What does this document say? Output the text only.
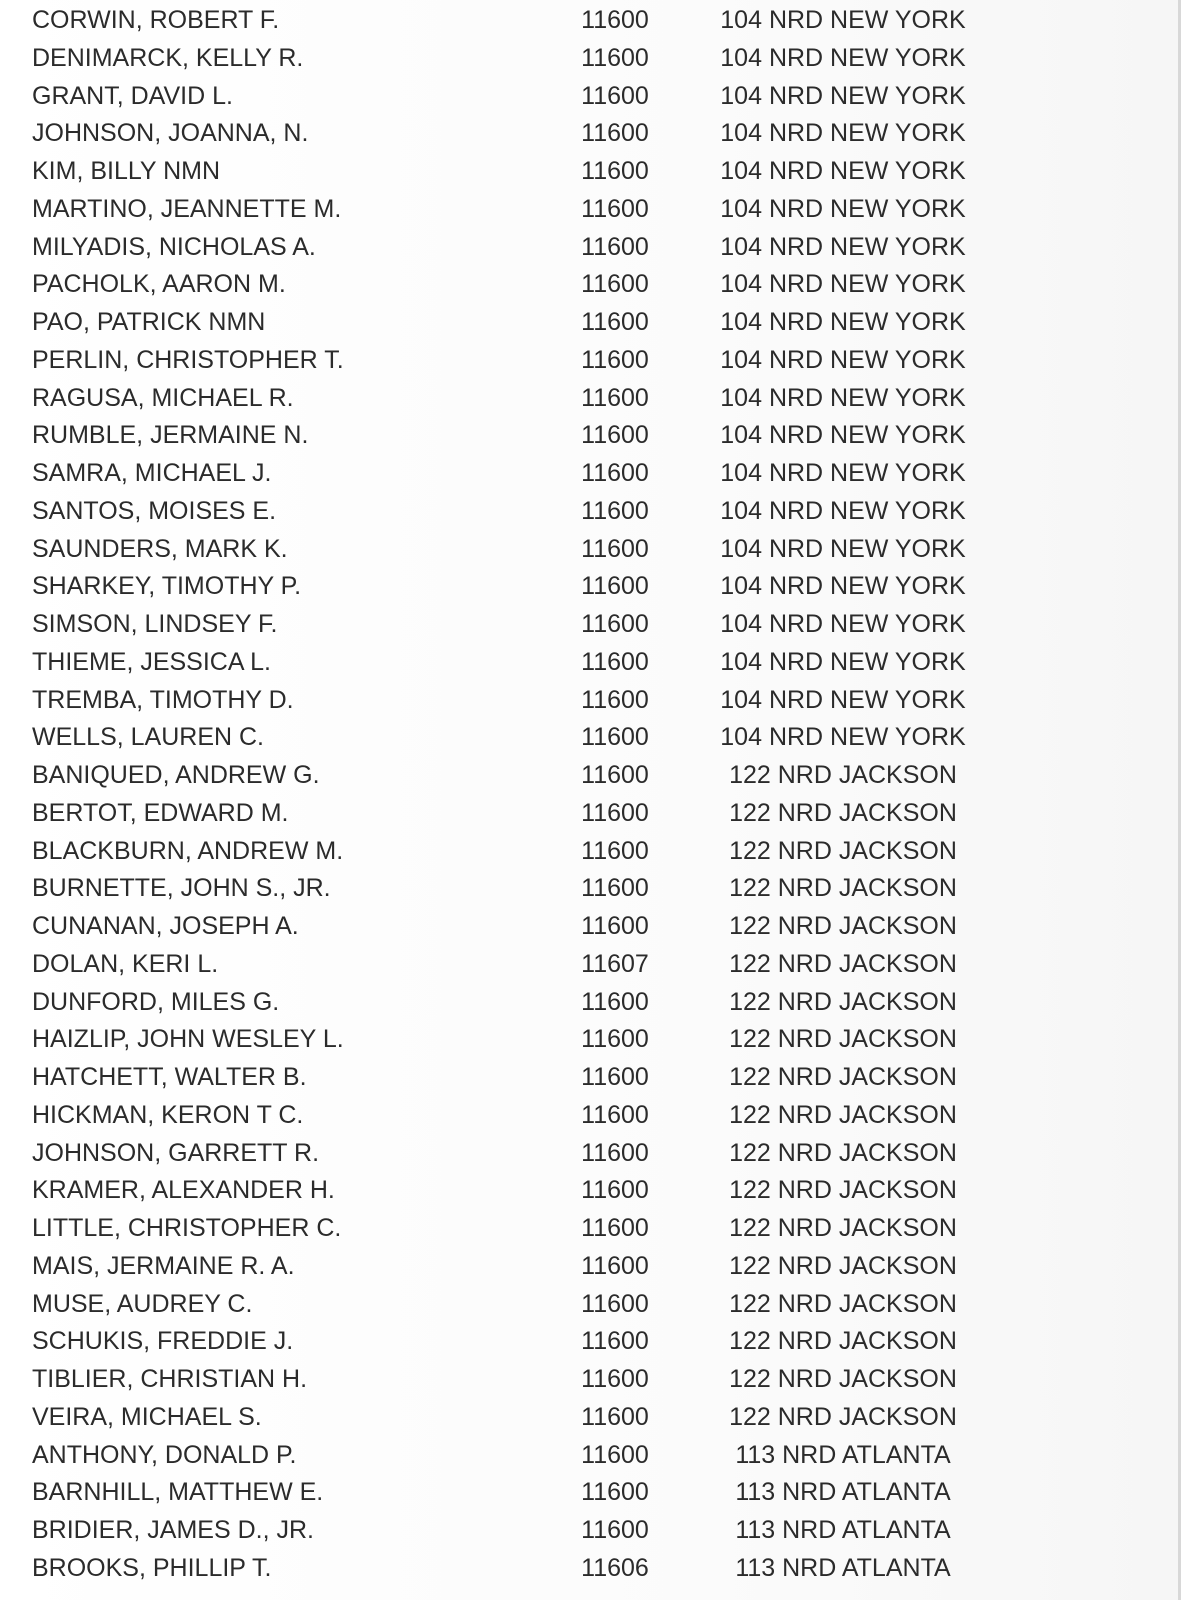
CORWIN, ROBERT F.	11600	104 NRD NEW YORK
DENIMARCK, KELLY R.	11600	104 NRD NEW YORK
GRANT, DAVID L.	11600	104 NRD NEW YORK
JOHNSON, JOANNA, N.	11600	104 NRD NEW YORK
KIM, BILLY NMN	11600	104 NRD NEW YORK
MARTINO, JEANNETTE M.	11600	104 NRD NEW YORK
MILYADIS, NICHOLAS A.	11600	104 NRD NEW YORK
PACHOLK, AARON M.	11600	104 NRD NEW YORK
PAO, PATRICK NMN	11600	104 NRD NEW YORK
PERLIN, CHRISTOPHER T.	11600	104 NRD NEW YORK
RAGUSA, MICHAEL R.	11600	104 NRD NEW YORK
RUMBLE, JERMAINE N.	11600	104 NRD NEW YORK
SAMRA, MICHAEL J.	11600	104 NRD NEW YORK
SANTOS, MOISES E.	11600	104 NRD NEW YORK
SAUNDERS, MARK K.	11600	104 NRD NEW YORK
SHARKEY, TIMOTHY P.	11600	104 NRD NEW YORK
SIMSON, LINDSEY F.	11600	104 NRD NEW YORK
THIEME, JESSICA L.	11600	104 NRD NEW YORK
TREMBA, TIMOTHY D.	11600	104 NRD NEW YORK
WELLS, LAUREN C.	11600	104 NRD NEW YORK
BANIQUED, ANDREW G.	11600	122 NRD JACKSON
BERTOT, EDWARD M.	11600	122 NRD JACKSON
BLACKBURN, ANDREW M.	11600	122 NRD JACKSON
BURNETTE, JOHN S., JR.	11600	122 NRD JACKSON
CUNANAN, JOSEPH A.	11600	122 NRD JACKSON
DOLAN, KERI L.	11607	122 NRD JACKSON
DUNFORD, MILES G.	11600	122 NRD JACKSON
HAIZLIP, JOHN WESLEY L.	11600	122 NRD JACKSON
HATCHETT, WALTER B.	11600	122 NRD JACKSON
HICKMAN, KERON T C.	11600	122 NRD JACKSON
JOHNSON, GARRETT R.	11600	122 NRD JACKSON
KRAMER, ALEXANDER H.	11600	122 NRD JACKSON
LITTLE, CHRISTOPHER C.	11600	122 NRD JACKSON
MAIS, JERMAINE R. A.	11600	122 NRD JACKSON
MUSE, AUDREY C.	11600	122 NRD JACKSON
SCHUKIS, FREDDIE J.	11600	122 NRD JACKSON
TIBLIER, CHRISTIAN H.	11600	122 NRD JACKSON
VEIRA, MICHAEL S.	11600	122 NRD JACKSON
ANTHONY, DONALD P.	11600	113 NRD ATLANTA
BARNHILL, MATTHEW E.	11600	113 NRD ATLANTA
BRIDIER, JAMES D., JR.	11600	113 NRD ATLANTA
BROOKS, PHILLIP T.	11606	113 NRD ATLANTA
